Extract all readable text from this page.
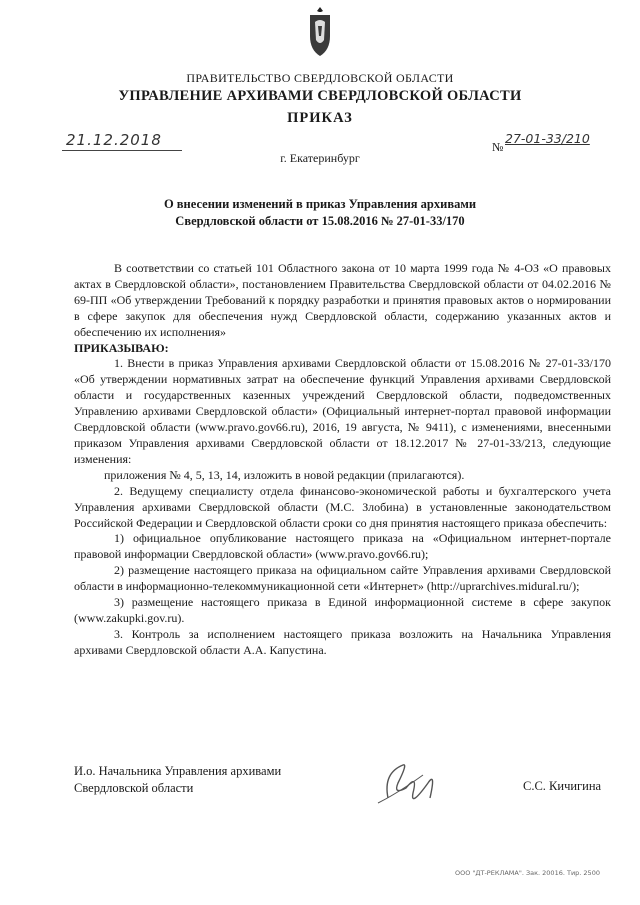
ПРАВИТЕЛЬСТВО СВЕРДЛОВСКОЙ ОБЛАСТИ
УПРАВЛЕНИЕ АРХИВАМИ СВЕРДЛОВСКОЙ ОБЛАСТИ
ПРИКАЗ
21.12.2018	№
27-01-33/210
г. Екатеринбург
О внесении изменений в приказ Управления архивами
Свердловской области от 15.08.2016 № 27-01-33/170

В соответствии со статьей 101 Областного закона от 10 марта 1999 года № 4-ОЗ «О правовых актах в Свердловской области», постановлением Правительства Свердловской области от 04.02.2016 № 69-ПП «Об утверждении Требований к порядку разработки и принятия правовых актов о нормировании в сфере закупок для обеспечения нужд Свердловской области, содержанию указанных актов и обеспечению их исполнения»

ПРИКАЗЫВАЮ:

1. Внести в приказ Управления архивами Свердловской области от 15.08.2016 № 27-01-33/170 «Об утверждении нормативных затрат на обеспечение функций Управления архивами Свердловской области и государственных казенных учреждений Свердловской области, подведомственных Управлению архивами Свердловской области» (Официальный интернет-портал правовой информации Свердловской области (www.pravo.gov66.ru), 2016, 19 августа, № 9411), с изменениями, внесенными приказом Управления архивами Свердловской области от 18.12.2017 № 27-01-33/213, следующие изменения:

приложения № 4, 5, 13, 14, изложить в новой редакции (прилагаются).

2. Ведущему специалисту отдела финансово-экономической работы и бухгалтерского учета Управления архивами Свердловской области (М.С. Злобина) в установленные законодательством Российской Федерации и Свердловской области сроки со дня принятия настоящего приказа обеспечить:

1) официальное опубликование настоящего приказа на «Официальном интернет-портале правовой информации Свердловской области» (www.pravo.gov66.ru);

2) размещение настоящего приказа на официальном сайте Управления архивами Свердловской области в информационно-телекоммуникационной сети «Интернет» (http://uprarchives.midural.ru/);

3) размещение настоящего приказа в Единой информационной системе в сфере закупок (www.zakupki.gov.ru).

3. Контроль за исполнением настоящего приказа возложить на Начальника Управления архивами Свердловской области А.А. Капустина.

И.о. Начальника Управления архивами
Свердловской области	С.С. Кичигина
ООО "ДТ-РЕКЛАМА". Зак. 20016. Тир. 2500
